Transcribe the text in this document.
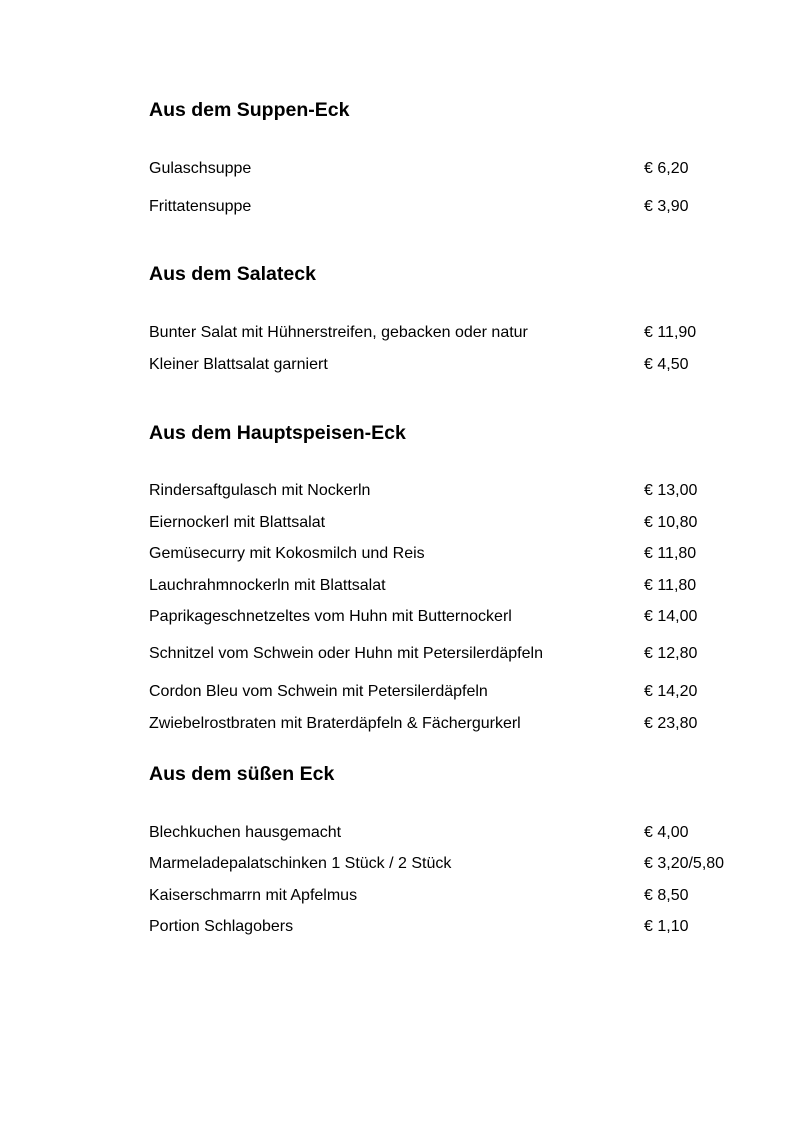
Aus dem Suppen-Eck
Gulaschsuppe	€ 6,20
Frittatensuppe	€ 3,90
Aus dem Salateck
Bunter Salat mit Hühnerstreifen, gebacken oder natur	€ 11,90
Kleiner Blattsalat garniert	€ 4,50
Aus dem Hauptspeisen-Eck
Rindersaftgulasch mit Nockerln	€ 13,00
Eiernockerl mit Blattsalat	€ 10,80
Gemüsecurry mit Kokosmilch und Reis	€ 11,80
Lauchrahmnockerln mit Blattsalat	€ 11,80
Paprikageschnetzeltes vom Huhn mit Butternockerl	€ 14,00
Schnitzel vom Schwein oder Huhn mit Petersilerdäpfeln	€ 12,80
Cordon Bleu vom Schwein mit Petersilerdäpfeln	€ 14,20
Zwiebelrostbraten mit Braterdäpfeln & Fächergurkerl	€ 23,80
Aus dem süßen Eck
Blechkuchen hausgemacht	€ 4,00
Marmeladepalatschinken 1 Stück / 2 Stück	€ 3,20/5,80
Kaiserschmarrn mit Apfelmus	€ 8,50
Portion Schlagobers	€ 1,10
